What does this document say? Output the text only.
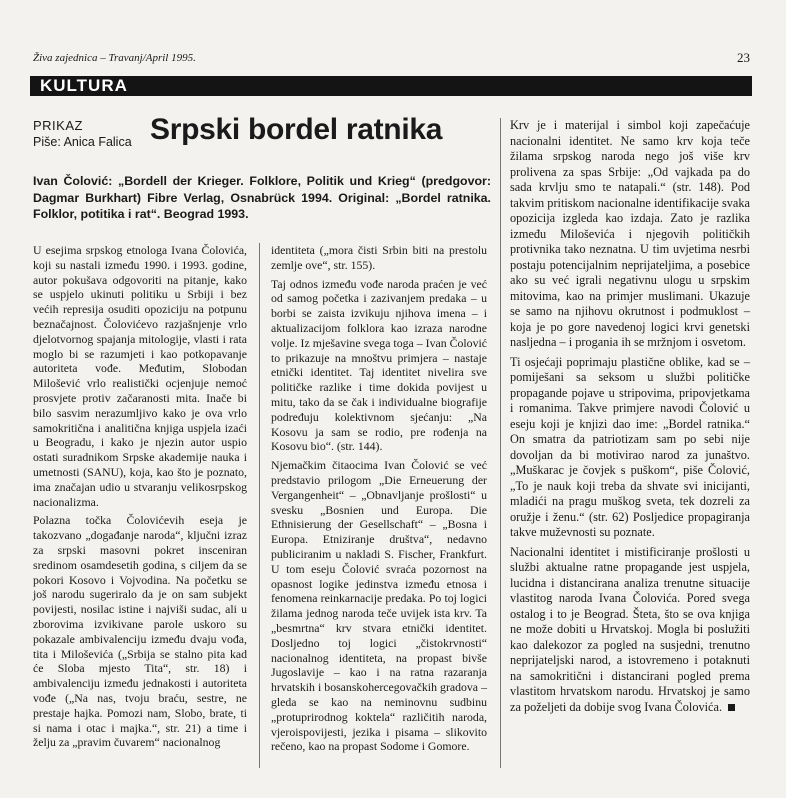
Živa zajednica – Travanj/April 1995.	23
KULTURA
PRIKAZ
Piše: Anica Falica Srpski bordel ratnika
Ivan Čolović: „Bordell der Krieger. Folklore, Politik und Krieg“ (predgovor: Dagmar Burkhart) Fibre Verlag, Osnabrück 1994. Original: „Bordel ratnika. Folklor, potitika i rat“. Beograd 1993.

U esejima srpskog etnologa Ivana Čolovića, koji su nastali između 1990. i 1993. godine, autor pokušava odgovoriti na pitanje, kako se uspjelo ukinuti politiku u Srbiji i bez većih represija osuditi opoziciju na potpunu beznačajnost. Čolovićevo razjašnjenje vrlo djelotvornog spajanja mitologije, vlasti i rata moglo bi se razumjeti i kao potkopavanje autoriteta vođe. Međutim, Slobodan Milošević vrlo realistički ocjenjuje nemoć prosvjete protiv začaranosti mita. Inače bi bilo sasvim nerazumljivo kako je ova vrlo samokritična i analitična knjiga uspjela izaći u Beogradu, i kako je njezin autor uspio ostati suradnikom Srpske akademije nauka i umetnosti (SANU), koja, kao što je poznato, ima značajan udio u stvaranju velikosrpskog nacionalizma.

Polazna točka Čolovićevih eseja je takozvano „događanje naroda“, ključni izraz za srpski masovni pokret insceniran sredinom osamdesetih godina, s ciljem da se pokori Kosovo i Vojvodina. Na početku se još narodu sugeriralo da je on sam subjekt povijesti, nosilac istine i najviši sudac, ali u zborovima izvikivane parole uskoro su pokazale ambivalenciju između dvaju vođa, tita i Miloševića („Srbija se stalno pita kad će Sloba mjesto Tita“, str. 18) i ambivalenciju između jednakosti i autoriteta vođe („Na nas, tvoju braću, sestre, ne prestaje hajka. Pomozi nam, Slobo, brate, ti si nama i otac i majka.“, str. 21) a time i želju za „pravim čuvarem“ nacionalnog

identiteta („mora čisti Srbin biti na prestolu zemlje ove“, str. 155).

Taj odnos između vođe naroda praćen je već od samog početka i zazivanjem predaka – u borbi se zaista izvikuju njihova imena – i aktualizacijom folklora kao izraza narodne volje. Iz mješavine svega toga – Ivan Čolović to prikazuje na mnoštvu primjera – nastaje etnički identitet. Taj identitet nivelira sve političke razlike i time dokida povijest u mitu, tako da se čak i individualne biografije podređuju kolektivnom sjećanju: „Na Kosovu ja sam se rodio, pre rođenja na Kosovu bio“. (str. 144).

Njemačkim čitaocima Ivan Čolović se već predstavio prilogom „Die Erneuerung der Vergangenheit“ – „Obnavljanje prošlosti“ u svesku „Bosnien und Europa. Die Ethnisierung der Gesellschaft“ – „Bosna i Europa. Etniziranje društva“, nedavno publiciranim u nakladi S. Fischer, Frankfurt. U tom eseju Čolović svraća pozornost na opasnost logike jedinstva između etnosa i fenomena reinkarnacije predaka. Po toj logici žilama jednog naroda teče uvijek ista krv. Ta „besmrtna“ krv stvara etnički identitet. Dosljedno toj logici „čistokrvnosti“ nacionalnog identiteta, na propast bivše Jugoslavije – kao i na ratna razaranja hrvatskih i bosanskohercegovačkih gradova – gleda se kao na neminovnu sudbinu „protuprirodnog koktela“ različitih naroda, vjeroispovijesti, jezika i pisama – slikovito rečeno, kao na propast Sodome i Gomore.

Krv je i materijal i simbol koji zapečaćuje nacionalni identitet. Ne samo krv koja teče žilama srpskog naroda nego još više krv prolivena za spas Srbije: „Od vajkada pa do sada krvlju smo te natapali.“ (str. 148). Pod takvim pritiskom nacionalne identifikacije svaka opozicija izgleda kao izdaja. Zato je razlika između Miloševića i njegovih političkih protivnika tako neznatna. U tim uvjetima nesrbi postaju potencijalnim neprijateljima, a posebice ako su već igrali negativnu ulogu u srpskim mitovima, kao na primjer muslimani. Ukazuje se samo na njihovu okrutnost i podmuklost – koja je po gore navedenoj logici krvi genetski nasljedna – i progania ih se mržnjom i osvetom.

Ti osjećaji poprimaju plastične oblike, kad se – pomiješani sa seksom u službi političke propagande pojave u stripovima, pripovjetkama i romanima. Takve primjere navodi Čolović u eseju koji je knjizi dao ime: „Bordel ratnika.“ On smatra da patriotizam sam po sebi nije dovoljan da bi motivirao narod za junaštvo. „Muškarac je čovjek s puškom“, piše Čolović, „To je nauk koji treba da shvate svi inicijanti, mladići na pragu muškog sveta, tek dozreli za oružje i ženu.“ (str. 62) Posljedice propagiranja takve muževnosti su poznate.

Nacionalni identitet i mistificiranje prošlosti u službi aktualne ratne propagande jest uspjela, lucidna i distancirana analiza trenutne situacije vlastitog naroda Ivana Čolovića. Pored svega ostalog i to je Beograd. Šteta, što se ova knjiga ne može dobiti u Hrvatskoj. Mogla bi poslužiti kao dalekozor za pogled na susjedni, trenutno neprijateljski narod, a istovremeno i potaknuti na samokritični i distancirani pogled prema vlastitom hrvatskom narodu. Hrvatskoj je samo za poželjeti da dobije svog Ivana Čolovića.
